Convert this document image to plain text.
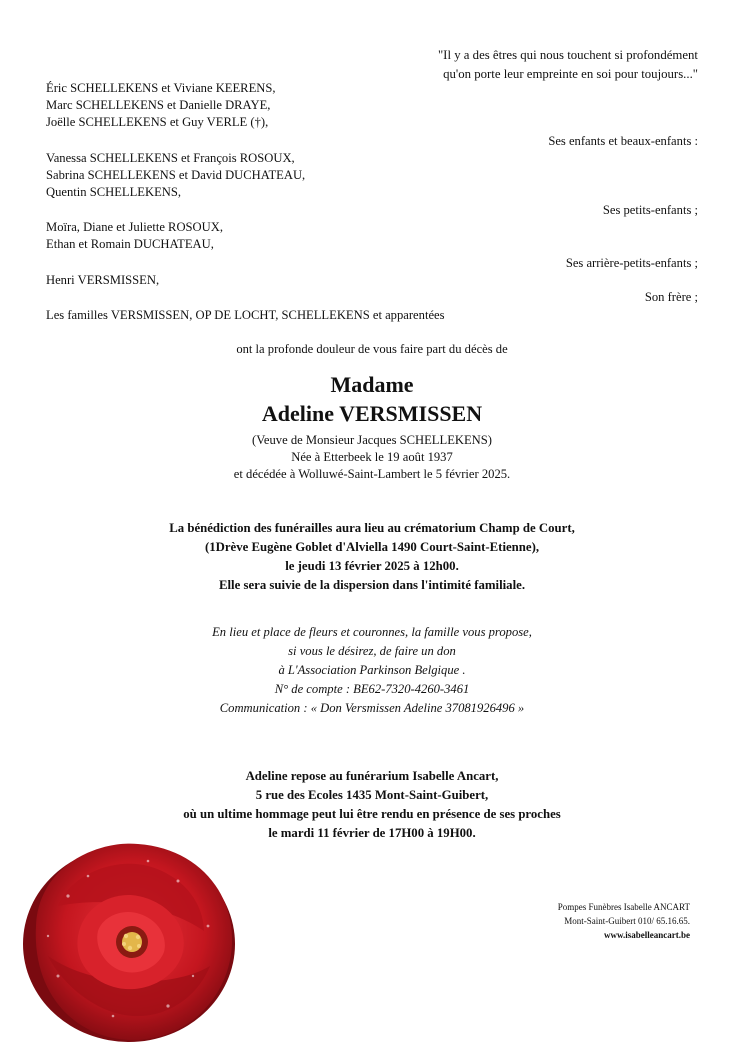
"Il y a des êtres qui nous touchent si profondément
qu'on porte leur empreinte en soi pour toujours..."
Éric SCHELLEKENS et Viviane KEERENS,
Marc SCHELLEKENS et Danielle DRAYE,
Joëlle SCHELLEKENS et Guy VERLE (†),
Ses enfants et beaux-enfants :
Vanessa SCHELLEKENS et François ROSOUX,
Sabrina SCHELLEKENS et David DUCHATEAU,
Quentin SCHELLEKENS,
Ses petits-enfants ;
Moïra, Diane et Juliette ROSOUX,
Ethan et Romain DUCHATEAU,
Ses arrière-petits-enfants ;
Henri VERSMISSEN,
Son frère ;
Les familles VERSMISSEN, OP DE LOCHT, SCHELLEKENS et apparentées
ont la profonde douleur de vous faire part du décès de
Madame
Adeline VERSMISSEN
(Veuve de Monsieur Jacques SCHELLEKENS)
Née à Etterbeek le 19 août 1937
et décédée à Wolluwé-Saint-Lambert le 5 février 2025.
La bénédiction des funérailles aura lieu au crématorium Champ de Court,
(1Drève Eugène Goblet d'Alviella 1490 Court-Saint-Etienne),
le jeudi 13 février 2025 à 12h00.
Elle sera suivie de la dispersion dans l'intimité familiale.
En lieu et place de fleurs et couronnes, la famille vous propose,
si vous le désirez, de faire un don
à L'Association Parkinson Belgique .
N° de compte : BE62-7320-4260-3461
Communication : « Don Versmissen Adeline 37081926496 »
Adeline repose au funérarium Isabelle Ancart,
5 rue des Ecoles 1435 Mont-Saint-Guibert,
où un ultime hommage peut lui être rendu en présence de ses proches
le mardi 11 février de 17H00 à 19H00.
Pompes Funèbres Isabelle ANCART
Mont-Saint-Guibert 010/ 65.16.65.
www.isabelleancart.be
